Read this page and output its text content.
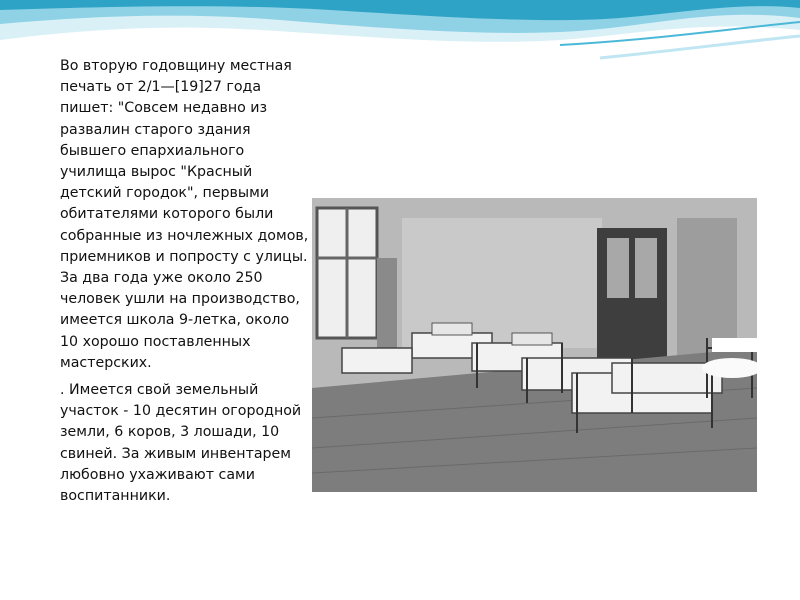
Во вторую годовщину местная печать от 2/1—[19]27 года пишет: "Совсем недавно из развалин старого здания бывшего епархиального училища вырос "Красный детский городок", первыми обитателями которого были собранные из ночлежных домов, приемников и попросту с улицы. За два года уже около 250 человек ушли на производство, имеется школа 9-летка, около 10 хорошо поставленных мастерских.

. Имеется свой земельный участок - 10 десятин огородной земли, 6 коров, 3 лошади, 10 свиней. За живым инвентарем любовно ухаживают сами воспитанники.
